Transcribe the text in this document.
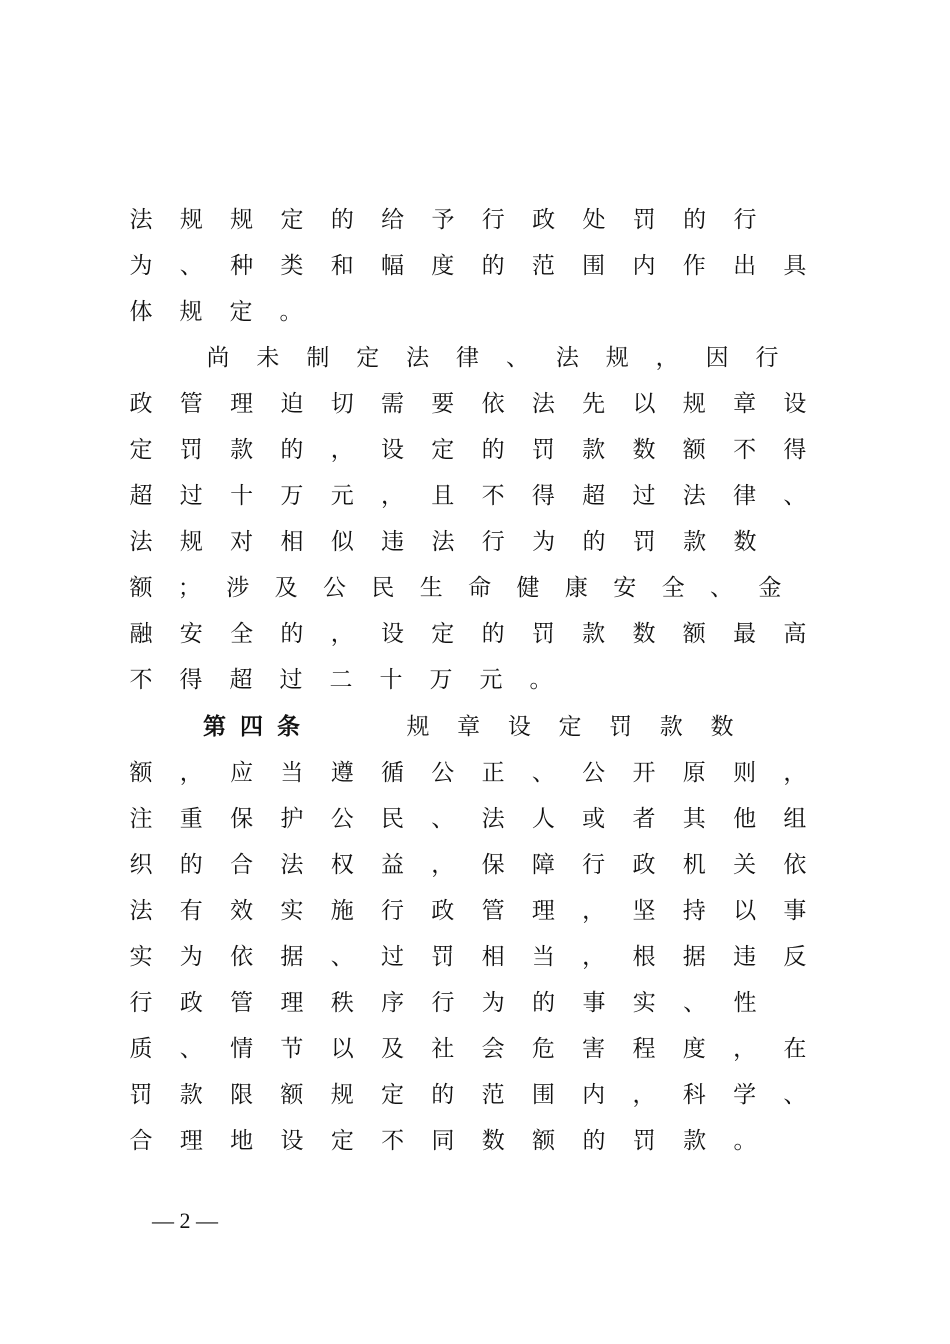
法 规 规 定 的 给 予 行 政 处 罚 的 行
为 、 种 类 和 幅 度 的 范 围 内 作 出 具
体 规 定 。
尚 未 制 定 法 律 、 法 规 ， 因 行
政 管 理 迫 切 需 要 依 法 先 以 规 章 设
定 罚 款 的 ， 设 定 的 罚 款 数 额 不 得
超 过 十 万 元 ， 且 不 得 超 过 法 律 、
法 规 对 相 似 违 法 行 为 的 罚 款 数
额 ； 涉 及 公 民 生 命 健 康 安 全 、 金
融 安 全 的 ， 设 定 的 罚 款 数 额 最 高
不 得 超 过 二 十 万 元 。
第四条	规 章 设 定 罚 款 数
额 ， 应 当 遵 循 公 正 、 公 开 原 则 ，
注 重 保 护 公 民 、 法 人 或 者 其 他 组
织 的 合 法 权 益 ， 保 障 行 政 机 关 依
法 有 效 实 施 行 政 管 理 ， 坚 持 以 事
实 为 依 据 、 过 罚 相 当 ， 根 据 违 反
行 政 管 理 秩 序 行 为 的 事 实 、 性
质 、 情 节 以 及 社 会 危 害 程 度 ， 在
罚 款 限 额 规 定 的 范 围 内 ， 科 学 、
合 理 地 设 定 不 同 数 额 的 罚 款 。
— 2 —
